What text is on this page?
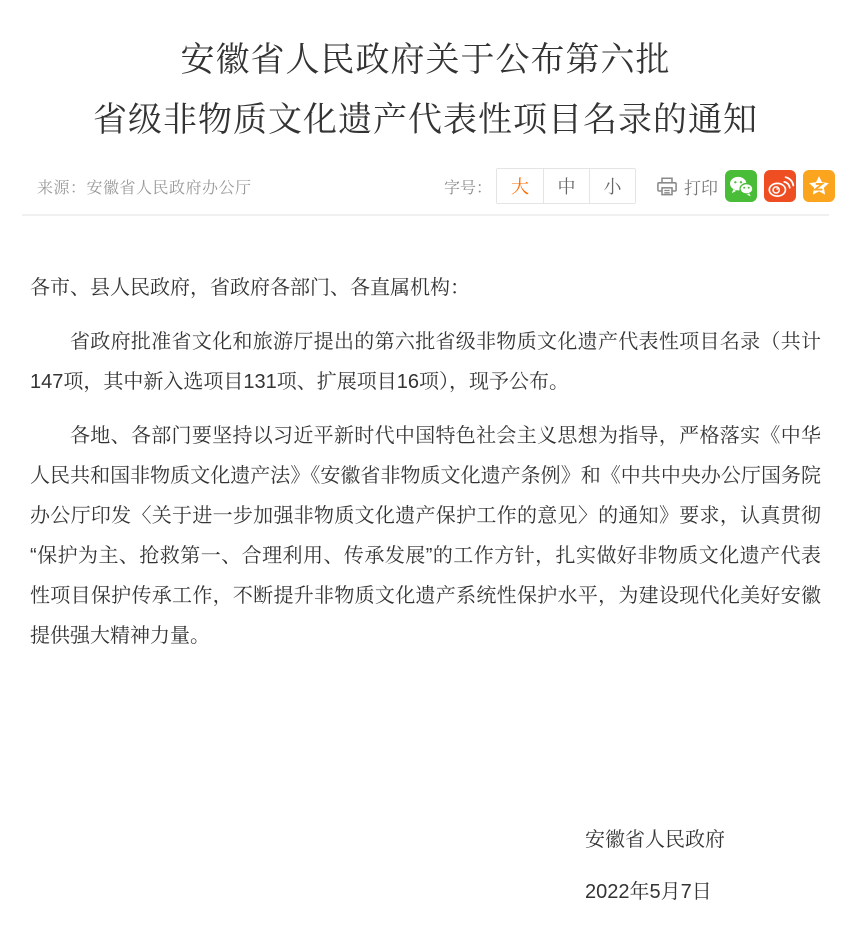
安徽省人民政府关于公布第六批
省级非物质文化遗产代表性项目名录的通知
来源：安徽省人民政府办公厅	字号：	大	中	小	打印

各市、县人民政府，省政府各部门、各直属机构：

省政府批准省文化和旅游厅提出的第六批省级非物质文化遗产代表性项目名录（共计147项，其中新入选项目131项、扩展项目16项），现予公布。

各地、各部门要坚持以习近平新时代中国特色社会主义思想为指导，严格落实《中华人民共和国非物质文化遗产法》《安徽省非物质文化遗产条例》和《中共中央办公厅国务院办公厅印发〈关于进一步加强非物质文化遗产保护工作的意见〉的通知》要求，认真贯彻“保护为主、抢救第一、合理利用、传承发展”的工作方针，扎实做好非物质文化遗产代表性项目保护传承工作，不断提升非物质文化遗产系统性保护水平，为建设现代化美好安徽提供强大精神力量。

安徽省人民政府

2022年5月7日
